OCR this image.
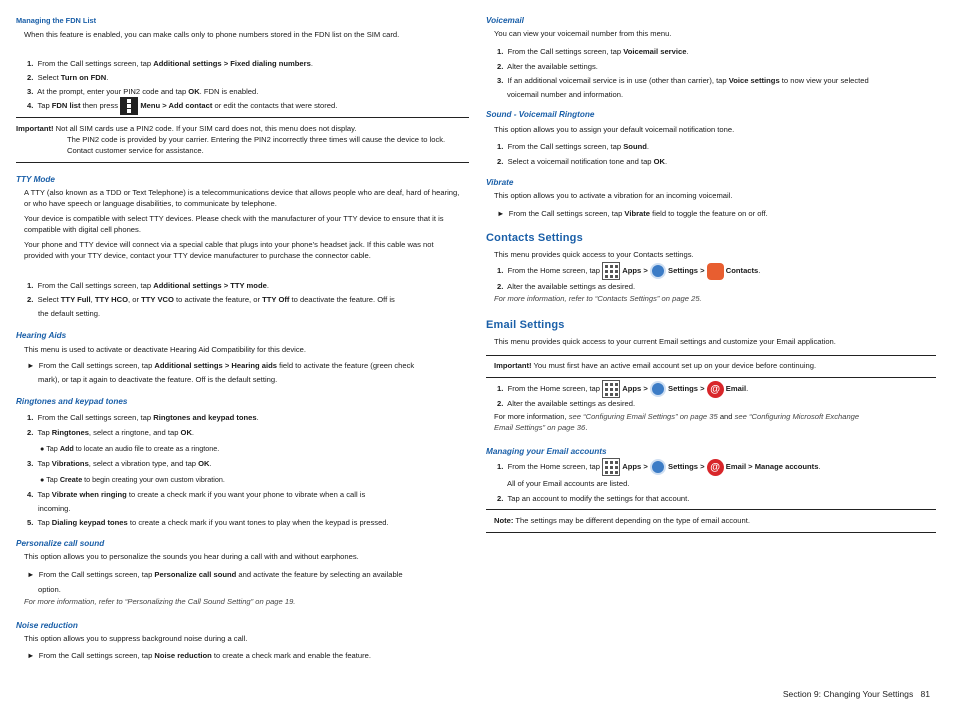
Managing the FDN List
When this feature is enabled, you can make calls only to phone numbers stored in the FDN list on the SIM card.
1. From the Call settings screen, tap Additional settings > Fixed dialing numbers.
2. Select Turn on FDN.
3. At the prompt, enter your PIN2 code and tap OK. FDN is enabled.
4. Tap FDN list then press	Menu > Add contact or edit the contacts that were stored.
Important! Not all SIM cards use a PIN2 code. If your SIM card does not, this menu does not display.
The PIN2 code is provided by your carrier. Entering the PIN2 incorrectly three times will cause the device to lock. Contact customer service for assistance.
TTY Mode
A TTY (also known as a TDD or Text Telephone) is a telecommunications device that allows people who are deaf, hard of hearing, or who have speech or language disabilities, to communicate by telephone.
Your device is compatible with select TTY devices. Please check with the manufacturer of your TTY device to ensure that it is compatible with digital cell phones.
Your phone and TTY device will connect via a special cable that plugs into your phone’s headset jack. If this cable was not provided with your TTY device, contact your TTY device manufacturer to purchase the connector cable.
1. From the Call settings screen, tap Additional settings > TTY mode.
2. Select TTY Full, TTY HCO, or TTY VCO to activate the feature, or TTY Off to deactivate the feature. Off is
the default setting.
Hearing Aids
This menu is used to activate or deactivate Hearing Aid Compatibility for this device.
► From the Call settings screen, tap Additional settings > Hearing aids field to activate the feature (green check
mark), or tap it again to deactivate the feature. Off is the default setting.
Ringtones and keypad tones
1. From the Call settings screen, tap Ringtones and keypad tones.
2. Tap Ringtones, select a ringtone, and tap OK.
● Tap Add to locate an audio file to create as a ringtone.
3. Tap Vibrations, select a vibration type, and tap OK.
● Tap Create to begin creating your own custom vibration.
4. Tap Vibrate when ringing to create a check mark if you want your phone to vibrate when a call is
incoming.
5. Tap Dialing keypad tones to create a check mark if you want tones to play when the keypad is pressed.
Personalize call sound
This option allows you to personalize the sounds you hear during a call with and without earphones.
► From the Call settings screen, tap Personalize call sound and activate the feature by selecting an available
option.
For more information, refer to “Personalizing the Call Sound Setting” on page 19.
Noise reduction
This option allows you to suppress background noise during a call.
► From the Call settings screen, tap Noise reduction to create a check mark and enable the feature.
Voicemail
You can view your voicemail number from this menu.
1. From the Call settings screen, tap Voicemail service.
2. Alter the available settings.
3. If an additional voicemail service is in use (other than carrier), tap Voice settings to now view your selected
voicemail number and information.
Sound - Voicemail Ringtone
This option allows you to assign your default voicemail notification tone.
1. From the Call settings screen, tap Sound.
2. Select a voicemail notification tone and tap OK.
Vibrate
This option allows you to activate a vibration for an incoming voicemail.
► From the Call settings screen, tap Vibrate field to toggle the feature on or off.
Contacts Settings
This menu provides quick access to your Contacts settings.
1. From the Home screen, tap	Apps >	Settings >	Contacts.
2. Alter the available settings as desired.
For more information, refer to “Contacts Settings” on page 25.
Email Settings
This menu provides quick access to your current Email settings and customize your Email application.
Important! You must first have an active email account set up on your device before continuing.
1. From the Home screen, tap	Apps >	Settings > @ Email.
2. Alter the available settings as desired.
For more information, see “Configuring Email Settings” on page 35 and see “Configuring Microsoft Exchange
Email Settings” on page 36.
Managing your Email accounts
1. From the Home screen, tap	Apps >	Settings > @ Email > Manage accounts.
All of your Email accounts are listed.
2. Tap an account to modify the settings for that account.
Note: The settings may be different depending on the type of email account.
Section 9: Changing Your Settings 81
